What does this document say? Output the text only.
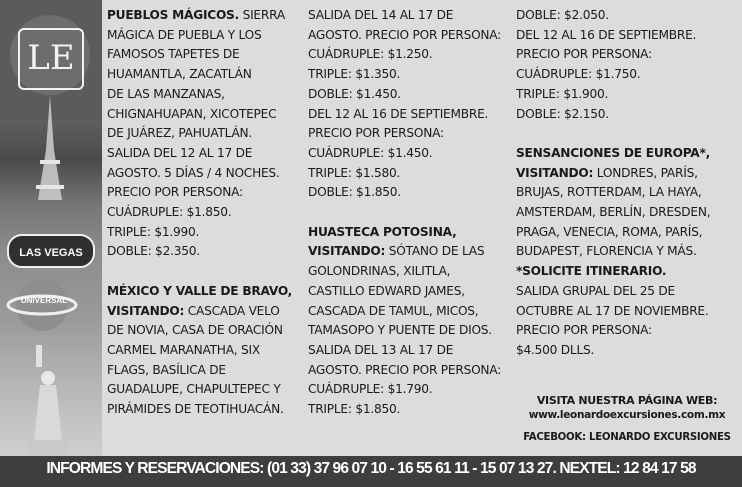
LAS VEGAS
UNIVERSAL
LE

PUEBLOS MÁGICOS. SIERRA

MÁGICA DE PUEBLA Y LOS

FAMOSOS TAPETES DE

HUAMANTLA, ZACATLÁN

DE LAS MANZANAS,

CHIGNAHUAPAN, XICOTEPEC

DE JUÁREZ, PAHUATLÁN.

SALIDA DEL 12 AL 17 DE

AGOSTO. 5 DÍAS / 4 NOCHES.

PRECIO POR PERSONA:

CUÁDRUPLE: $1.850.

TRIPLE: $1.990.

DOBLE: $2.350.

MÉXICO Y VALLE DE BRAVO,

VISITANDO: CASCADA VELO

DE NOVIA, CASA DE ORACIÓN

CARMEL MARANATHA, SIX

FLAGS, BASÍLICA DE

GUADALUPE, CHAPULTEPEC Y

PIRÁMIDES DE TEOTIHUACÁN.

SALIDA DEL 14 AL 17 DE

AGOSTO. PRECIO POR PERSONA:

CUÁDRUPLE: $1.250.

TRIPLE: $1.350.

DOBLE: $1.450.

DEL 12 AL 16 DE SEPTIEMBRE.

PRECIO POR PERSONA:

CUÁDRUPLE: $1.450.

TRIPLE: $1.580.

DOBLE: $1.850.

HUASTECA POTOSINA,

VISITANDO: SÓTANO DE LAS

GOLONDRINAS, XILITLA,

CASTILLO EDWARD JAMES,

CASCADA DE TAMUL, MICOS,

TAMASOPO Y PUENTE DE DIOS.

SALIDA DEL 13 AL 17 DE

AGOSTO. PRECIO POR PERSONA:

CUÁDRUPLE: $1.790.

TRIPLE: $1.850.

DOBLE: $2.050.

DEL 12 AL 16 DE SEPTIEMBRE.

PRECIO POR PERSONA:

CUÁDRUPLE: $1.750.

TRIPLE: $1.900.

DOBLE: $2.150.

SENSANCIONES DE EUROPA*,

VISITANDO: LONDRES, PARÍS,

BRUJAS, ROTTERDAM, LA HAYA,

AMSTERDAM, BERLÍN, DRESDEN,

PRAGA, VENECIA, ROMA, PARÍS,

BUDAPEST, FLORENCIA Y MÁS.

*SOLICITE ITINERARIO.

SALIDA GRUPAL DEL 25 DE

OCTUBRE AL 17 DE NOVIEMBRE.

PRECIO POR PERSONA:

$4.500 DLLS.

VISITA NUESTRA PÁGINA WEB:
www.leonardoexcursiones.com.mx
FACEBOOK: LEONARDO EXCURSIONES
INFORMES Y RESERVACIONES: (01 33) 37 96 07 10 - 16 55 61 11 - 15 07 13 27. NEXTEL: 12 84 17 58
